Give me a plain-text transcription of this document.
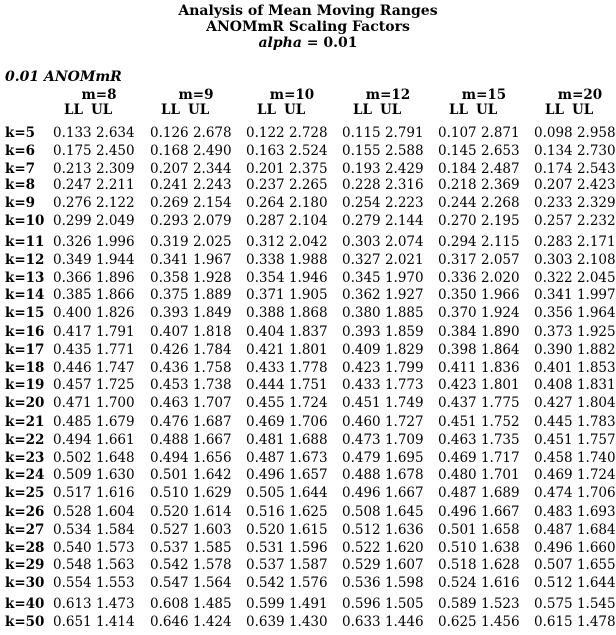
Analysis of Mean Moving Ranges
ANOMmR Scaling Factors
alpha = 0.01
0.01 ANOMmR
m=8
LL UL
m=9
LL UL
m=10
LL UL
m=12
LL UL
m=15
LL UL
m=20
LL UL
k=5 0.133 2.634 0.126 2.678 0.122 2.728 0.115 2.791 0.107 2.871 0.098 2.958
k=6 0.175 2.450 0.168 2.490 0.163 2.524 0.155 2.588 0.145 2.653 0.134 2.730
k=7 0.213 2.309 0.207 2.344 0.201 2.375 0.193 2.429 0.184 2.487 0.174 2.543
k=8 0.247 2.211 0.241 2.243 0.237 2.265 0.228 2.316 0.218 2.369 0.207 2.423
k=9 0.276 2.122 0.269 2.154 0.264 2.180 0.254 2.223 0.244 2.268 0.233 2.329
k=10 0.299 2.049 0.293 2.079 0.287 2.104 0.279 2.144 0.270 2.195 0.257 2.232
k=11 0.326 1.996 0.319 2.025 0.312 2.042 0.303 2.074 0.294 2.115 0.283 2.171
k=12 0.349 1.944 0.341 1.967 0.338 1.988 0.327 2.021 0.317 2.057 0.303 2.108
k=13 0.366 1.896 0.358 1.928 0.354 1.946 0.345 1.970 0.336 2.020 0.322 2.045
k=14 0.385 1.866 0.375 1.889 0.371 1.905 0.362 1.927 0.350 1.966 0.341 1.997
k=15 0.400 1.826 0.393 1.849 0.388 1.868 0.380 1.885 0.370 1.924 0.356 1.964
k=16 0.417 1.791 0.407 1.818 0.404 1.837 0.393 1.859 0.384 1.890 0.373 1.925
k=17 0.435 1.771 0.426 1.784 0.421 1.801 0.409 1.829 0.398 1.864 0.390 1.882
k=18 0.446 1.747 0.436 1.758 0.433 1.778 0.423 1.799 0.411 1.836 0.401 1.853
k=19 0.457 1.725 0.453 1.738 0.444 1.751 0.433 1.773 0.423 1.801 0.408 1.831
k=20 0.471 1.700 0.463 1.707 0.455 1.724 0.451 1.749 0.437 1.775 0.427 1.804
k=21 0.485 1.679 0.476 1.687 0.469 1.706 0.460 1.727 0.451 1.752 0.445 1.783
k=22 0.494 1.661 0.488 1.667 0.481 1.688 0.473 1.709 0.463 1.735 0.451 1.757
k=23 0.502 1.648 0.494 1.656 0.487 1.673 0.479 1.695 0.469 1.717 0.458 1.740
k=24 0.509 1.630 0.501 1.642 0.496 1.657 0.488 1.678 0.480 1.701 0.469 1.724
k=25 0.517 1.616 0.510 1.629 0.505 1.644 0.496 1.667 0.487 1.689 0.474 1.706
k=26 0.528 1.604 0.520 1.614 0.516 1.625 0.508 1.645 0.496 1.667 0.483 1.693
k=27 0.534 1.584 0.527 1.603 0.520 1.615 0.512 1.636 0.501 1.658 0.487 1.684
k=28 0.540 1.573 0.537 1.585 0.531 1.596 0.522 1.620 0.510 1.638 0.496 1.660
k=29 0.548 1.563 0.542 1.578 0.537 1.587 0.529 1.607 0.518 1.628 0.507 1.655
k=30 0.554 1.553 0.547 1.564 0.542 1.576 0.536 1.598 0.524 1.616 0.512 1.644
k=40 0.613 1.473 0.608 1.485 0.599 1.491 0.596 1.505 0.589 1.523 0.575 1.545
k=50 0.651 1.414 0.646 1.424 0.639 1.430 0.633 1.446 0.625 1.456 0.615 1.478
